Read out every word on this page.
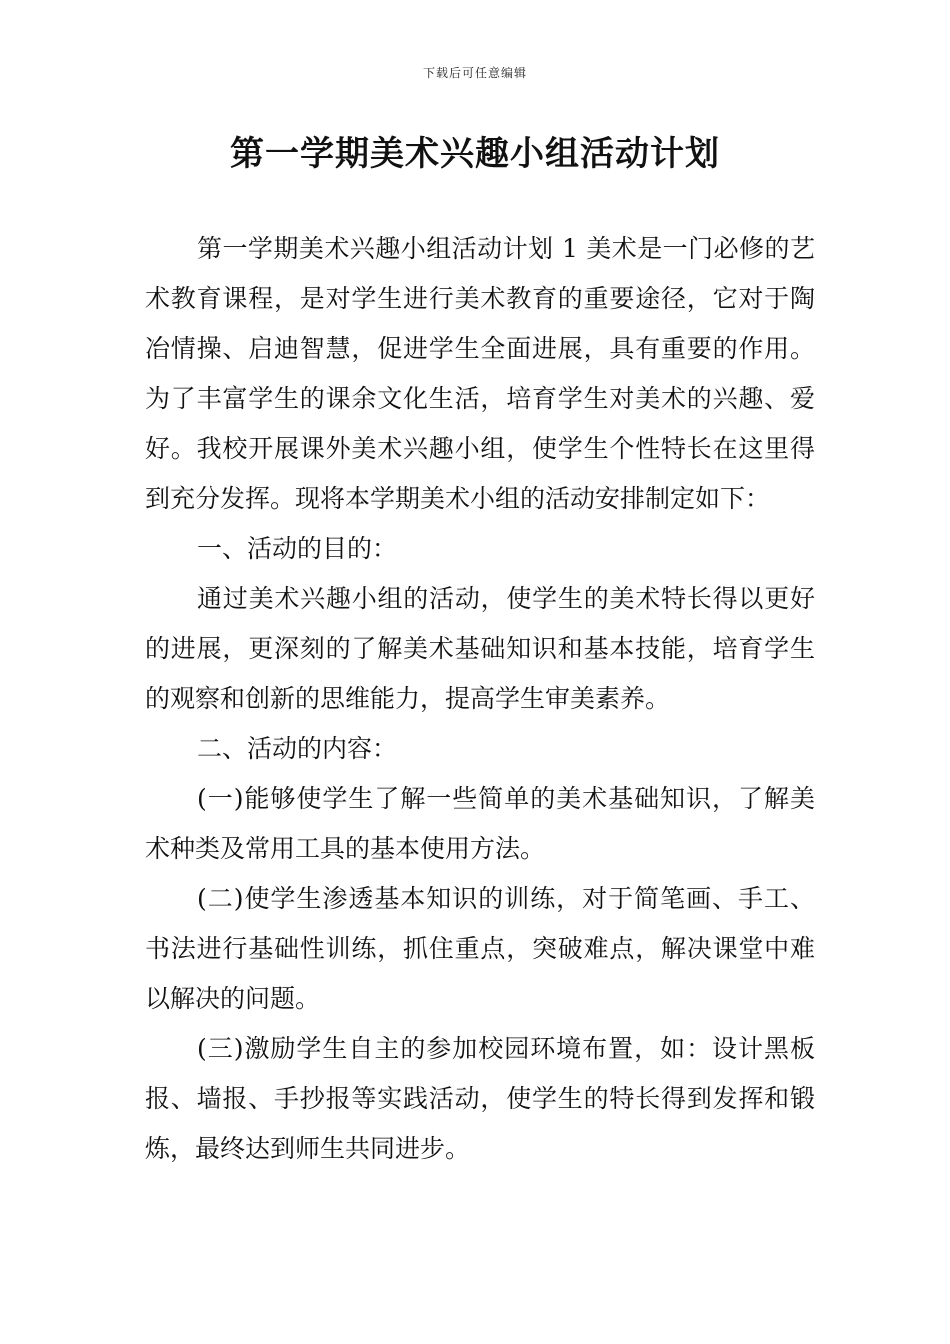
下载后可任意编辑
第一学期美术兴趣小组活动计划

第一学期美术兴趣小组活动计划 1 美术是一门必修的艺术教育课程，是对学生进行美术教育的重要途径，它对于陶冶情操、启迪智慧，促进学生全面进展，具有重要的作用。为了丰富学生的课余文化生活，培育学生对美术的兴趣、爱好。我校开展课外美术兴趣小组，使学生个性特长在这里得到充分发挥。现将本学期美术小组的活动安排制定如下：

一、活动的目的：

通过美术兴趣小组的活动，使学生的美术特长得以更好的进展，更深刻的了解美术基础知识和基本技能，培育学生的观察和创新的思维能力，提高学生审美素养。

二、活动的内容：

(一)能够使学生了解一些简单的美术基础知识，了解美术种类及常用工具的基本使用方法。

(二)使学生渗透基本知识的训练，对于简笔画、手工、书法进行基础性训练，抓住重点，突破难点，解决课堂中难以解决的问题。

(三)激励学生自主的参加校园环境布置，如：设计黑板报、墙报、手抄报等实践活动，使学生的特长得到发挥和锻炼，最终达到师生共同进步。
